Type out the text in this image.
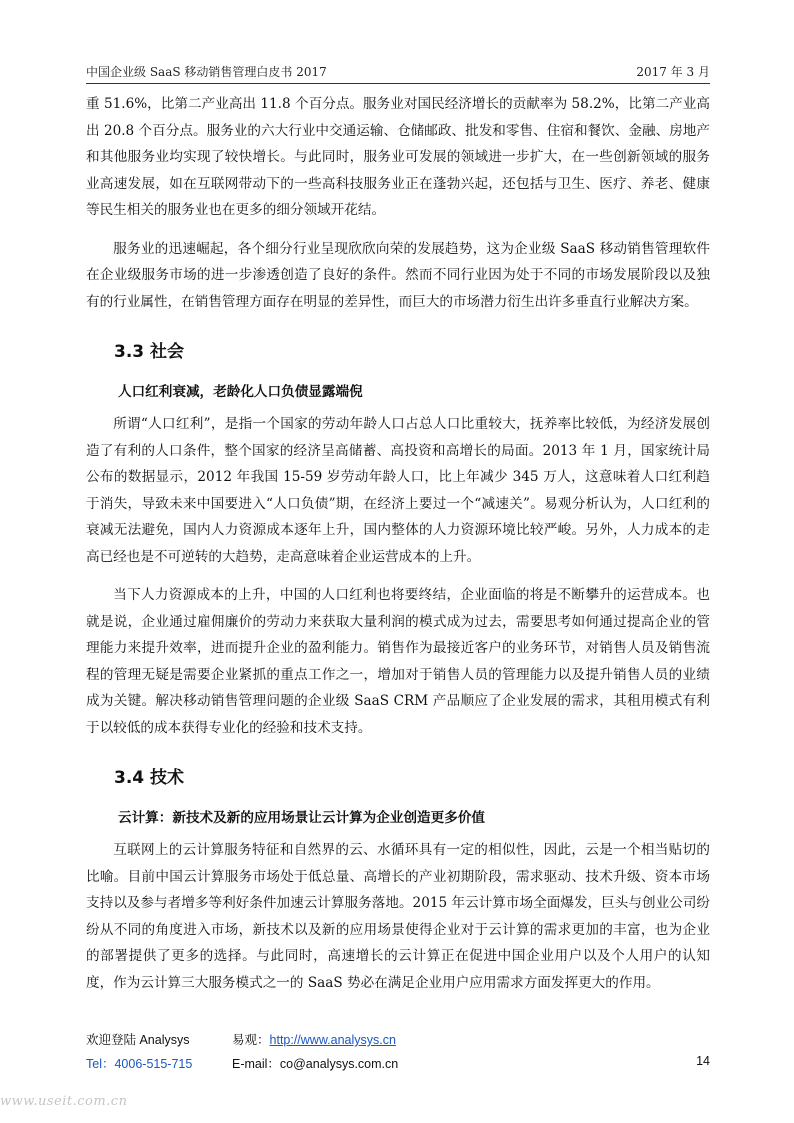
中国企业级 SaaS 移动销售管理白皮书 2017	2017 年 3 月

重 51.6%，比第二产业高出 11.8 个百分点。服务业对国民经济增长的贡献率为 58.2%，比第二产业高出 20.8 个百分点。服务业的六大行业中交通运输、仓储邮政、批发和零售、住宿和餐饮、金融、房地产和其他服务业均实现了较快增长。与此同时，服务业可发展的领域进一步扩大，在一些创新领域的服务业高速发展，如在互联网带动下的一些高科技服务业正在蓬勃兴起，还包括与卫生、医疗、养老、健康等民生相关的服务业也在更多的细分领域开花结。

服务业的迅速崛起，各个细分行业呈现欣欣向荣的发展趋势，这为企业级 SaaS 移动销售管理软件在企业级服务市场的进一步渗透创造了良好的条件。然而不同行业因为处于不同的市场发展阶段以及独有的行业属性，在销售管理方面存在明显的差异性，而巨大的市场潜力衍生出许多垂直行业解决方案。

3.3 社会
人口红利衰减，老龄化人口负债显露端倪

所谓“人口红利”，是指一个国家的劳动年龄人口占总人口比重较大，抚养率比较低，为经济发展创造了有利的人口条件，整个国家的经济呈高储蓄、高投资和高增长的局面。2013 年 1 月，国家统计局公布的数据显示，2012 年我国 15-59 岁劳动年龄人口，比上年减少 345 万人，这意味着人口红利趋于消失，导致未来中国要进入“人口负债”期，在经济上要过一个“减速关”。易观分析认为，人口红利的衰减无法避免，国内人力资源成本逐年上升，国内整体的人力资源环境比较严峻。另外，人力成本的走高已经也是不可逆转的大趋势，走高意味着企业运营成本的上升。

当下人力资源成本的上升，中国的人口红利也将要终结，企业面临的将是不断攀升的运营成本。也就是说，企业通过雇佣廉价的劳动力来获取大量利润的模式成为过去，需要思考如何通过提高企业的管理能力来提升效率，进而提升企业的盈利能力。销售作为最接近客户的业务环节，对销售人员及销售流程的管理无疑是需要企业紧抓的重点工作之一，增加对于销售人员的管理能力以及提升销售人员的业绩成为关键。解决移动销售管理问题的企业级 SaaS CRM 产品顺应了企业发展的需求，其租用模式有利于以较低的成本获得专业化的经验和技术支持。

3.4 技术
云计算：新技术及新的应用场景让云计算为企业创造更多价值

互联网上的云计算服务特征和自然界的云、水循环具有一定的相似性，因此，云是一个相当贴切的比喻。目前中国云计算服务市场处于低总量、高增长的产业初期阶段，需求驱动、技术升级、资本市场支持以及参与者增多等利好条件加速云计算服务落地。2015 年云计算市场全面爆发，巨头与创业公司纷纷从不同的角度进入市场，新技术以及新的应用场景使得企业对于云计算的需求更加的丰富，也为企业的部署提供了更多的选择。与此同时，高速增长的云计算正在促进中国企业用户以及个人用户的认知度，作为云计算三大服务模式之一的 SaaS 势必在满足企业用户应用需求方面发挥更大的作用。

欢迎登陆 Analysys	易观：http://www.analysys.cn
Tel：4006-515-715	E-mail：co@analysys.com.cn	14
www.useit.com.cn
